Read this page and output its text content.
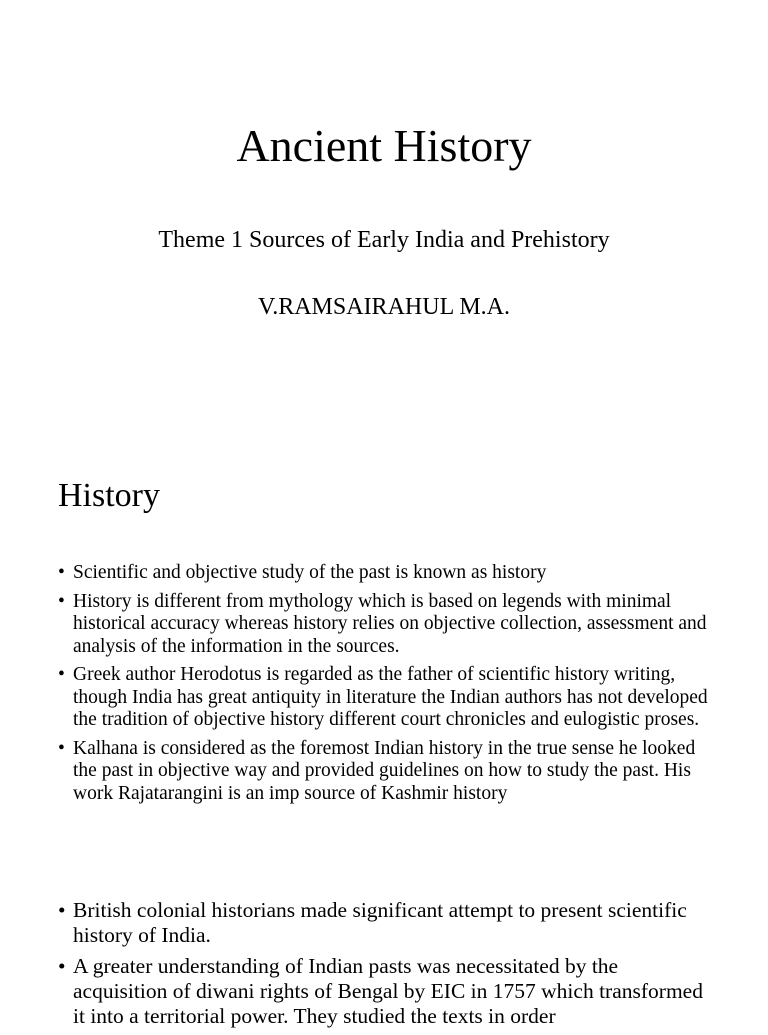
Ancient History

Theme 1 Sources of Early India and Prehistory

V.RAMSAIRAHUL M.A.

History
• Scientific and objective study of the past is known as history
• History is different from mythology which is based on legends with minimal historical accuracy whereas history relies on objective collection, assessment and analysis of the information in the sources.
• Greek author Herodotus is regarded as the father of scientific history writing, though India has great antiquity in literature the Indian authors has not developed the tradition of objective history different court chronicles and eulogistic proses.
• Kalhana is considered as the foremost Indian history in the true sense he looked the past in objective way and provided guidelines on how to study the past. His work Rajatarangini is an imp source of Kashmir history
• British colonial historians made significant attempt to present scientific history of India.
• A greater understanding of Indian pasts was necessitated by the acquisition of diwani rights of Bengal by EIC in 1757 which transformed it into a territorial power. They studied the texts in order
